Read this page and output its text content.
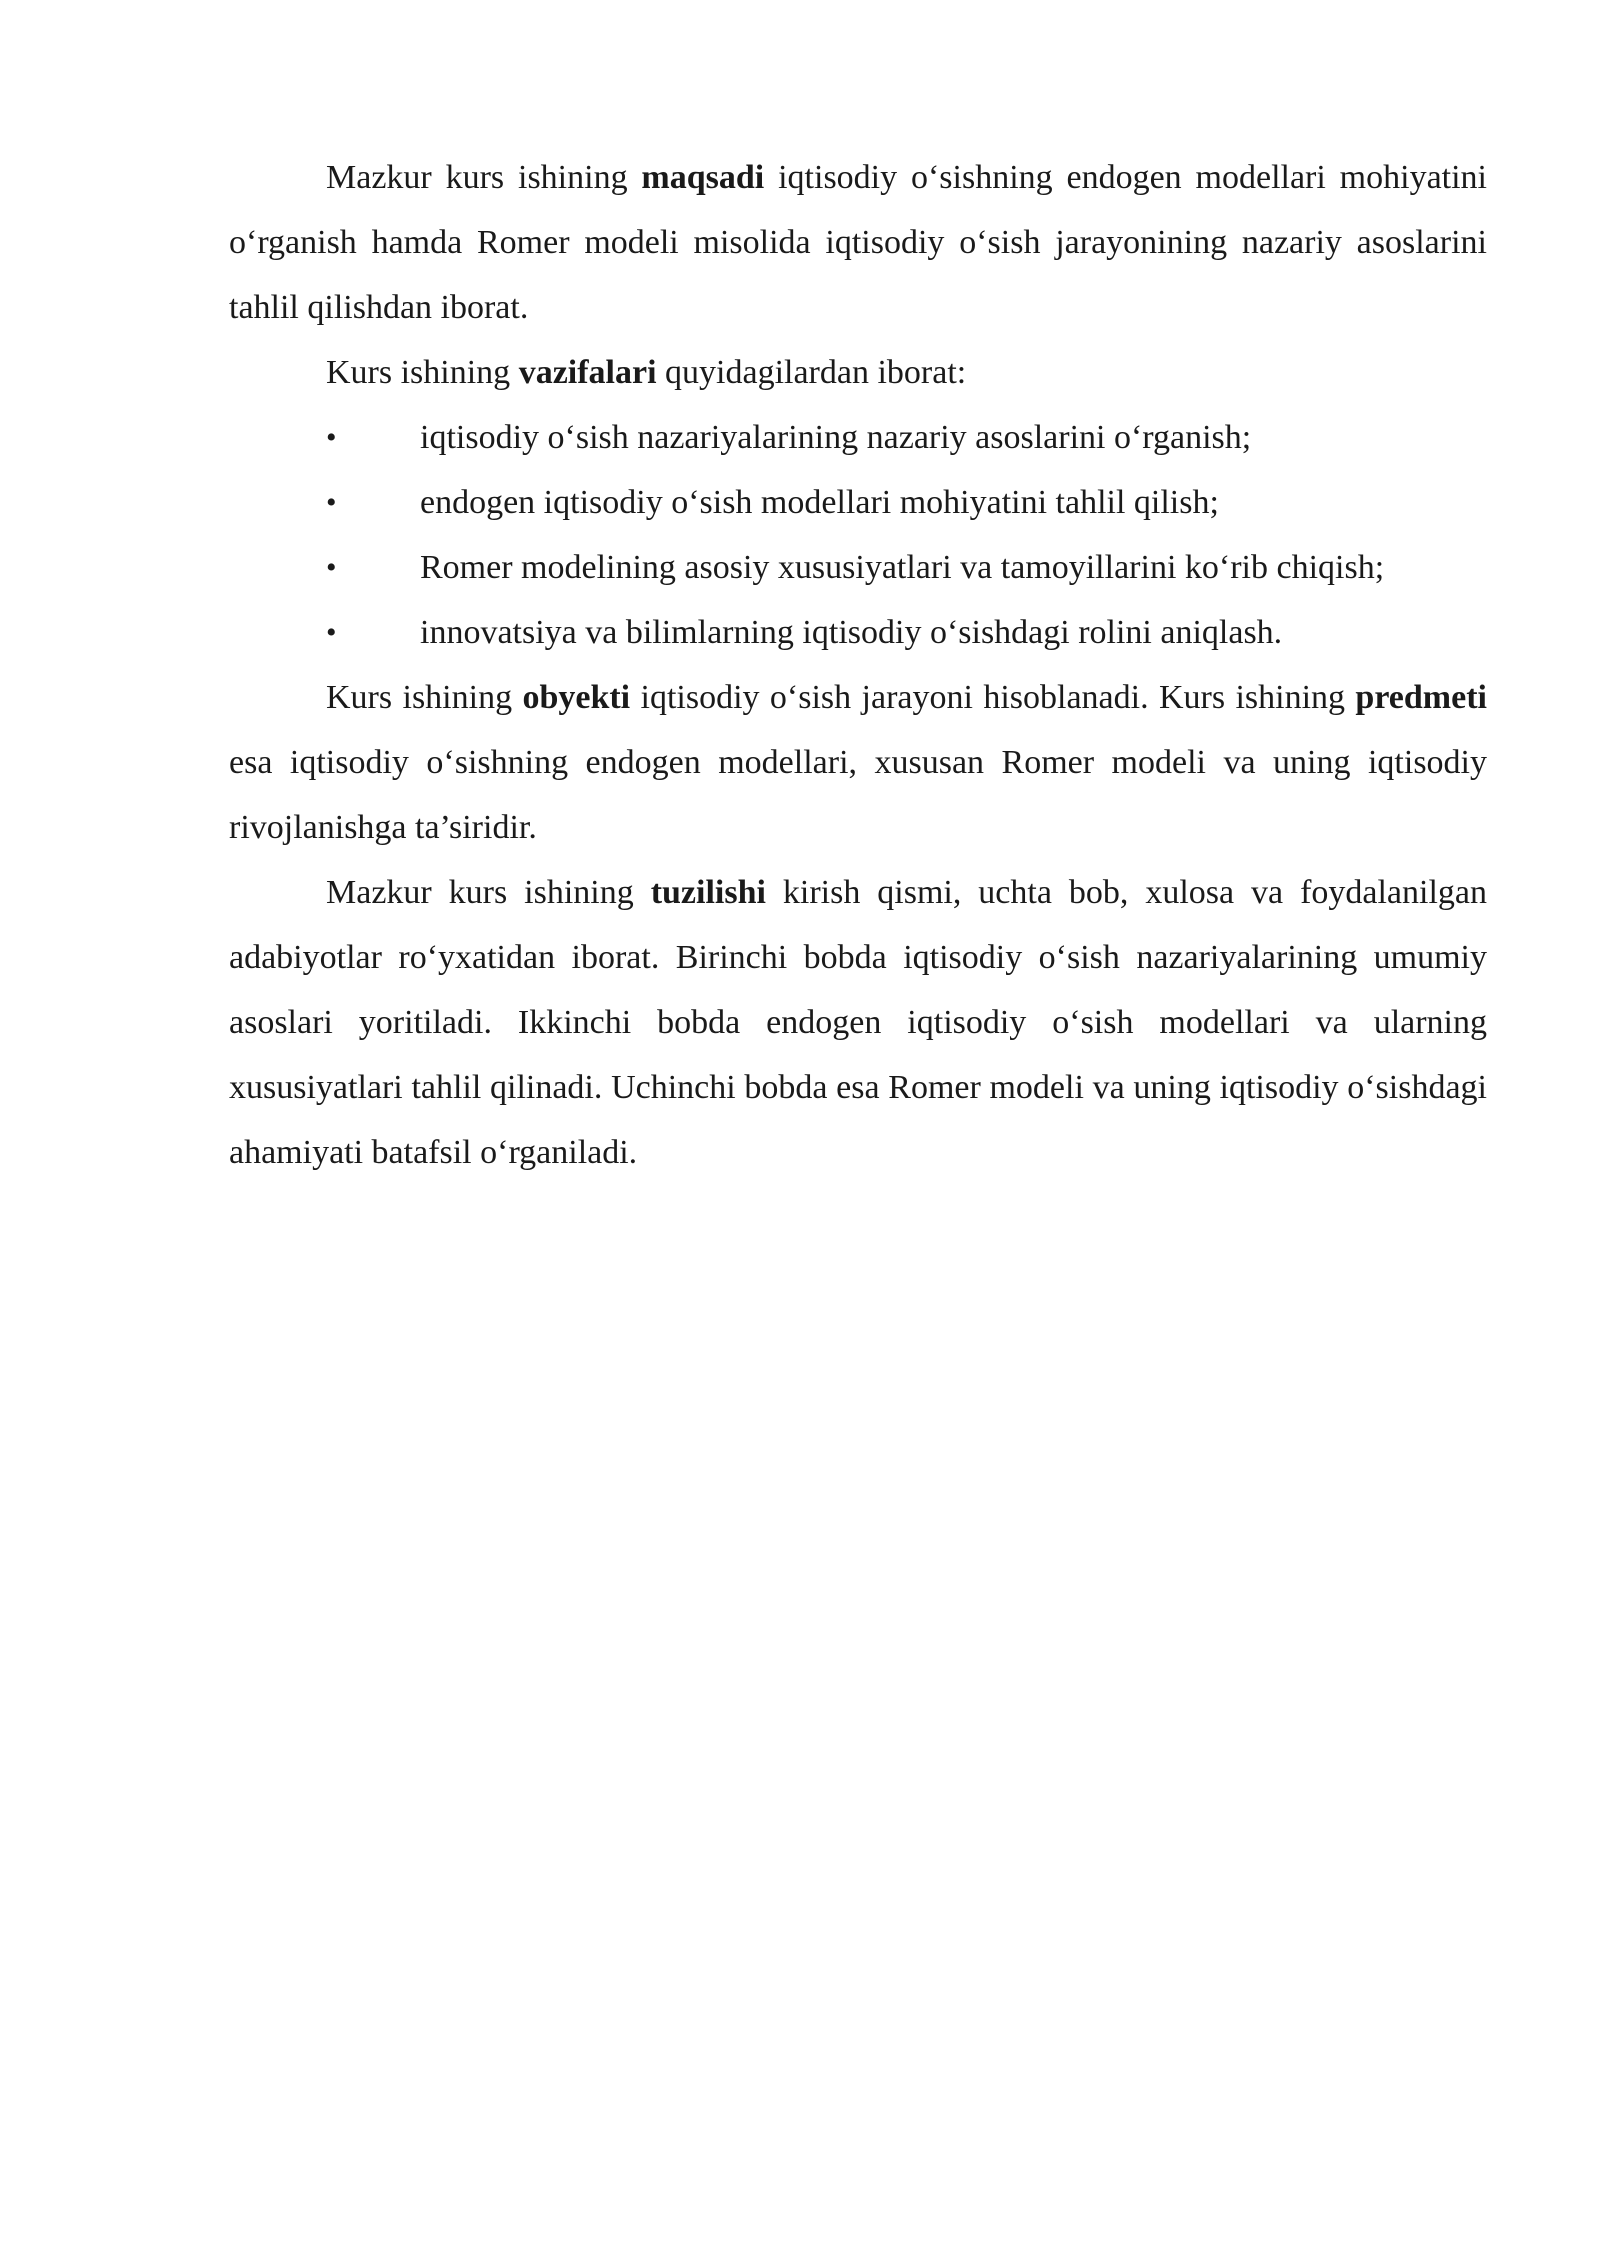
Mazkur kurs ishining maqsadi iqtisodiy o‘sishning endogen modellari mohiyatini o‘rganish hamda Romer modeli misolida iqtisodiy o‘sish jarayonining nazariy asoslarini tahlil qilishdan iborat.

Kurs ishining vazifalari quyidagilardan iborat:

• iqtisodiy o‘sish nazariyalarining nazariy asoslarini o‘rganish;
• endogen iqtisodiy o‘sish modellari mohiyatini tahlil qilish;
• Romer modelining asosiy xususiyatlari va tamoyillarini ko‘rib chiqish;
• innovatsiya va bilimlarning iqtisodiy o‘sishdagi rolini aniqlash.

Kurs ishining obyekti iqtisodiy o‘sish jarayoni hisoblanadi. Kurs ishining predmeti esa iqtisodiy o‘sishning endogen modellari, xususan Romer modeli va uning iqtisodiy rivojlanishga ta’siridir.

Mazkur kurs ishining tuzilishi kirish qismi, uchta bob, xulosa va foydalanilgan adabiyotlar ro‘yxatidan iborat. Birinchi bobda iqtisodiy o‘sish nazariyalarining umumiy asoslari yoritiladi. Ikkinchi bobda endogen iqtisodiy o‘sish modellari va ularning xususiyatlari tahlil qilinadi. Uchinchi bobda esa Romer modeli va uning iqtisodiy o‘sishdagi ahamiyati batafsil o‘rganiladi.
